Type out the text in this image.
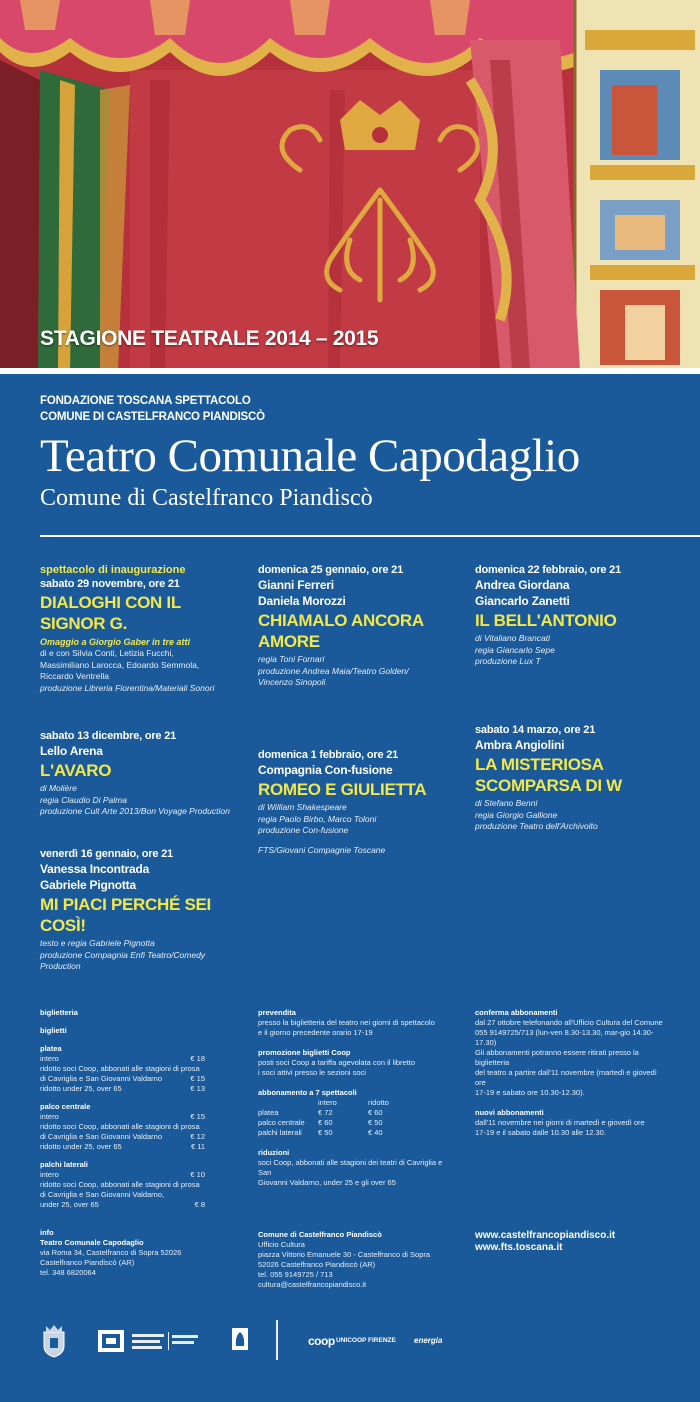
STAGIONE TEATRALE 2014 – 2015
FONDAZIONE TOSCANA SPETTACOLO
COMUNE DI CASTELFRANCO PIANDISCÒ
Teatro Comunale Capodaglio
Comune di Castelfranco Piandiscò
spettacolo di inaugurazione
sabato 29 novembre, ore 21
DIALOGHI CON IL SIGNOR G.
Omaggio a Giorgio Gaber in tre atti
di e con Silvia Conti, Letizia Fucchi,
Massimiliano Larocca, Edoardo Semmola,
Riccardo Ventrella
produzione Libreria Fiorentina/Materiali Sonori
sabato 13 dicembre, ore 21
Lello Arena
L'AVARO
di Molière
regia Claudio Di Palma
produzione Cult Arte 2013/Bon Voyage Production
venerdì 16 gennaio, ore 21
Vanessa Incontrada
Gabriele Pignotta
MI PIACI PERCHÉ SEI COSÌ!
testo e regia Gabriele Pignotta
produzione Compagnia Enfi Teatro/Comedy Production
domenica 25 gennaio, ore 21
Gianni Ferreri
Daniela Morozzi
CHIAMALO ANCORA AMORE
regia Toni Fornari
produzione Andrea Maia/Teatro Golden/ Vincenzo Sinopoli
domenica 1 febbraio, ore 21
Compagnia Con-fusione
ROMEO E GIULIETTA
di William Shakespeare
regia Paolo Birbo, Marco Toloni
produzione Con-fusione
FTS/Giovani Compagnie Toscane
domenica 22 febbraio, ore 21
Andrea Giordana
Giancarlo Zanetti
IL BELL'ANTONIO
di Vitaliano Brancati
regia Giancarlo Sepe
produzione Lux T
sabato 14 marzo, ore 21
Ambra Angiolini
LA MISTERIOSA SCOMPARSA DI W
di Stefano Benni
regia Giorgio Gallione
produzione Teatro dell'Archivolto
biglietteria
biglietti
platea
intero	€ 18
ridotto soci Coop, abbonati alle stagioni di prosa
di Cavriglia e San Giovanni Valdarno	€ 15
ridotto under 25, over 65	€ 13
palco centrale
intero	€ 15
ridotto soci Coop, abbonati alle stagioni di prosa
di Cavriglia e San Giovanni Valdarno	€ 12
ridotto under 25, over 65	€ 11
palchi laterali
intero	€ 10
ridotto soci Coop, abbonati alle stagioni di prosa
di Cavriglia e San Giovanni Valdarno,
under 25, over 65	€ 8
info
Teatro Comunale Capodaglio
via Roma 34, Castelfranco di Sopra 52026
Castelfranco Piandiscò (AR)
tel. 348 6820064
prevendita
presso la biglietteria del teatro nei giorni di spettacolo
e il giorno precedente orario 17-19
promozione biglietti Coop
posti soci Coop a tariffa agevolata con il libretto
i soci attivi presso le sezioni soci
abbonamento a 7 spettacoli
intero	ridotto
platea	€ 72	€ 60
palco centrale	€ 60	€ 50
palchi laterali	€ 50	€ 40
riduzioni
soci Coop, abbonati alle stagioni dei teatri di Cavriglia e San
Giovanni Valdarno, under 25 e gli over 65
Comune di Castelfranco Piandiscò
Ufficio Cultura
piazza Vittorio Emanuele 30 - Castelfranco di Sopra
52026 Castelfranco Piandiscò (AR)
tel. 055 9149725 / 713
cultura@castelfrancopiandisco.it
conferma abbonamenti
dal 27 ottobre telefonando all'Ufficio Cultura del Comune
055 9149725/713 (lun-ven 8.30-13.30, mar-gio 14.30-17.30)
Gli abbonamenti potranno essere ritirati presso la biglietteria
del teatro a partire dall'11 novembre (martedì e giovedì ore
17-19 e sabato ore 10.30-12.30).
nuovi abbonamenti
dall'11 novembre nei giorni di martedì e giovedì ore
17-19 e il sabato dalle 10.30 alle 12.30.
www.castelfrancopiandisco.it
www.fts.toscana.it
coop UNICOOP FIRENZE energia
